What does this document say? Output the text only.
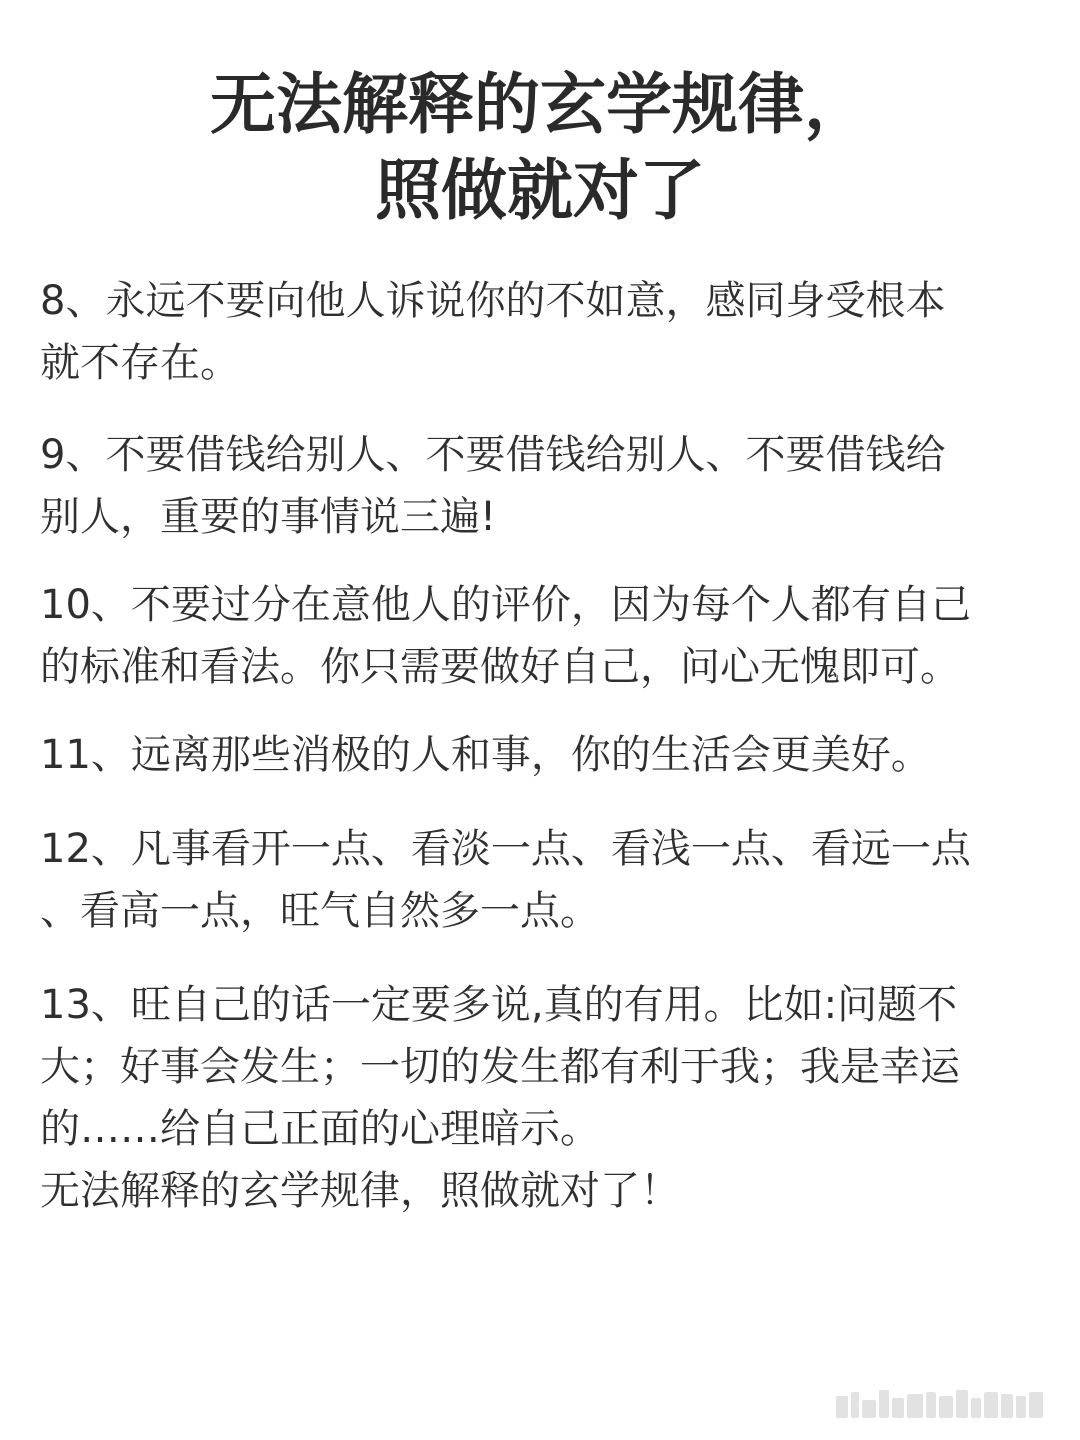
无法解释的玄学规律，
照做就对了
8、永远不要向他人诉说你的不如意，感同身受根本
就不存在。
9、不要借钱给别人、不要借钱给别人、不要借钱给
别人，重要的事情说三遍!
10、不要过分在意他人的评价，因为每个人都有自己
的标准和看法。你只需要做好自己，问心无愧即可。
11、远离那些消极的人和事，你的生活会更美好。
12、凡事看开一点、看淡一点、看浅一点、看远一点
、看高一点，旺气自然多一点。
13、旺自己的话一定要多说,真的有用。比如:问题不
大；好事会发生；一切的发生都有利于我；我是幸运
的……给自己正面的心理暗示。
无法解释的玄学规律，照做就对了！
